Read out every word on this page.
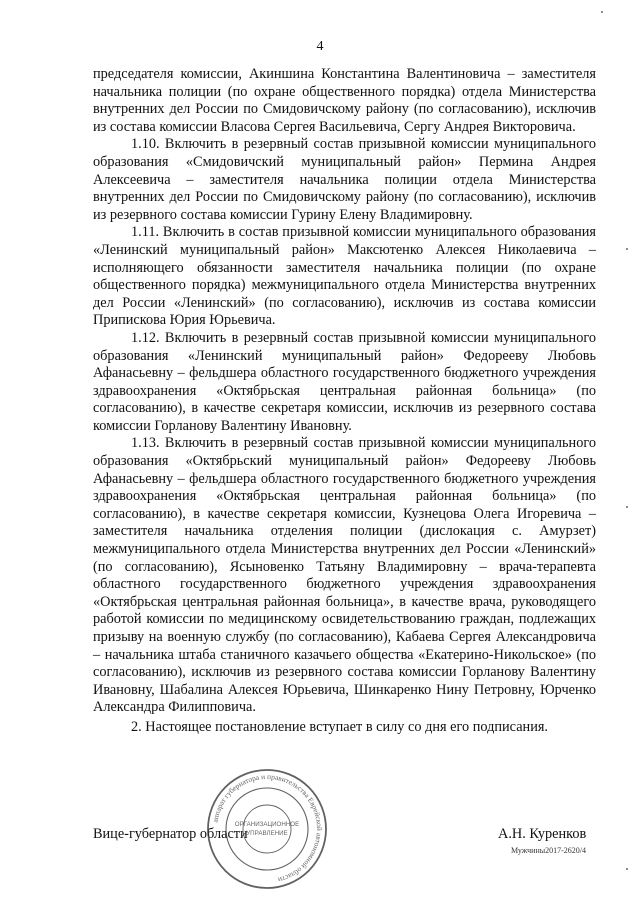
4

председателя комиссии, Акиншина Константина Валентиновича – заместителя начальника полиции (по охране общественного порядка) отдела Министерства внутренних дел России по Смидовичскому району (по согласованию), исключив из состава комиссии Власова Сергея Васильевича, Сергу Андрея Викторовича.

1.10. Включить в резервный состав призывной комиссии муниципального образования «Смидовичский муниципальный район» Пермина Андрея Алексеевича – заместителя начальника полиции отдела Министерства внутренних дел России по Смидовичскому району (по согласованию), исключив из резервного состава комиссии Гурину Елену Владимировну.

1.11. Включить в состав призывной комиссии муниципального образования «Ленинский муниципальный район» Максютенко Алексея Николаевича – исполняющего обязанности заместителя начальника полиции (по охране общественного порядка) межмуниципального отдела Министерства внутренних дел России «Ленинский» (по согласованию), исключив из состава комиссии Припискова Юрия Юрьевича.

1.12. Включить в резервный состав призывной комиссии муниципального образования «Ленинский муниципальный район» Федорееву Любовь Афанасьевну – фельдшера областного государственного бюджетного учреждения здравоохранения «Октябрьская центральная районная больница» (по согласованию), в качестве секретаря комиссии, исключив из резервного состава комиссии Горланову Валентину Ивановну.

1.13. Включить в резервный состав призывной комиссии муниципального образования «Октябрьский муниципальный район» Федорееву Любовь Афанасьевну – фельдшера областного государственного бюджетного учреждения здравоохранения «Октябрьская центральная районная больница» (по согласованию), в качестве секретаря комиссии, Кузнецова Олега Игоревича – заместителя начальника отделения полиции (дислокация с. Амурзет) межмуниципального отдела Министерства внутренних дел России «Ленинский» (по согласованию), Ясыновенко Татьяну Владимировну – врача-терапевта областного государственного бюджетного учреждения здравоохранения «Октябрьская центральная районная больница», в качестве врача, руководящего работой комиссии по медицинскому освидетельствованию граждан, подлежащих призыву на военную службу (по согласованию), Кабаева Сергея Александровича – начальника штаба станичного казачьего общества «Екатерино-Никольское» (по согласованию), исключив из резервного состава комиссии Горланову Валентину Ивановну, Шабалина Алексея Юрьевича, Шинкаренко Нину Петровну, Юрченко Александра Филипповича.

2. Настоящее постановление вступает в силу со дня его подписания.

Вице-губернатор области	А.Н. Куренков
Мужчины2017-2620/4
аппарат губернатора и правительства Еврейской автономной области
ОРГАНИЗАЦИОННОЕ
УПРАВЛЕНИЕ
